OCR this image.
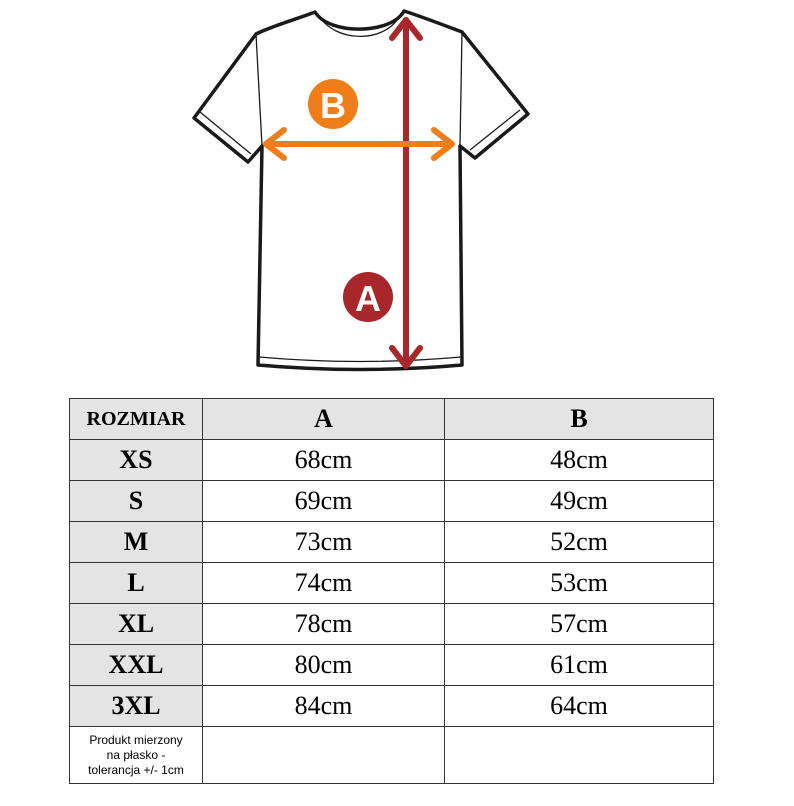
B
A
ROZMIAR	A	B
XS	68cm	48cm
S	69cm	49cm
M	73cm	52cm
L	74cm	53cm
XL	78cm	57cm
XXL	80cm	61cm
3XL	84cm	64cm

Produkt mierzony
na płasko -
tolerancja +/- 1cm		
